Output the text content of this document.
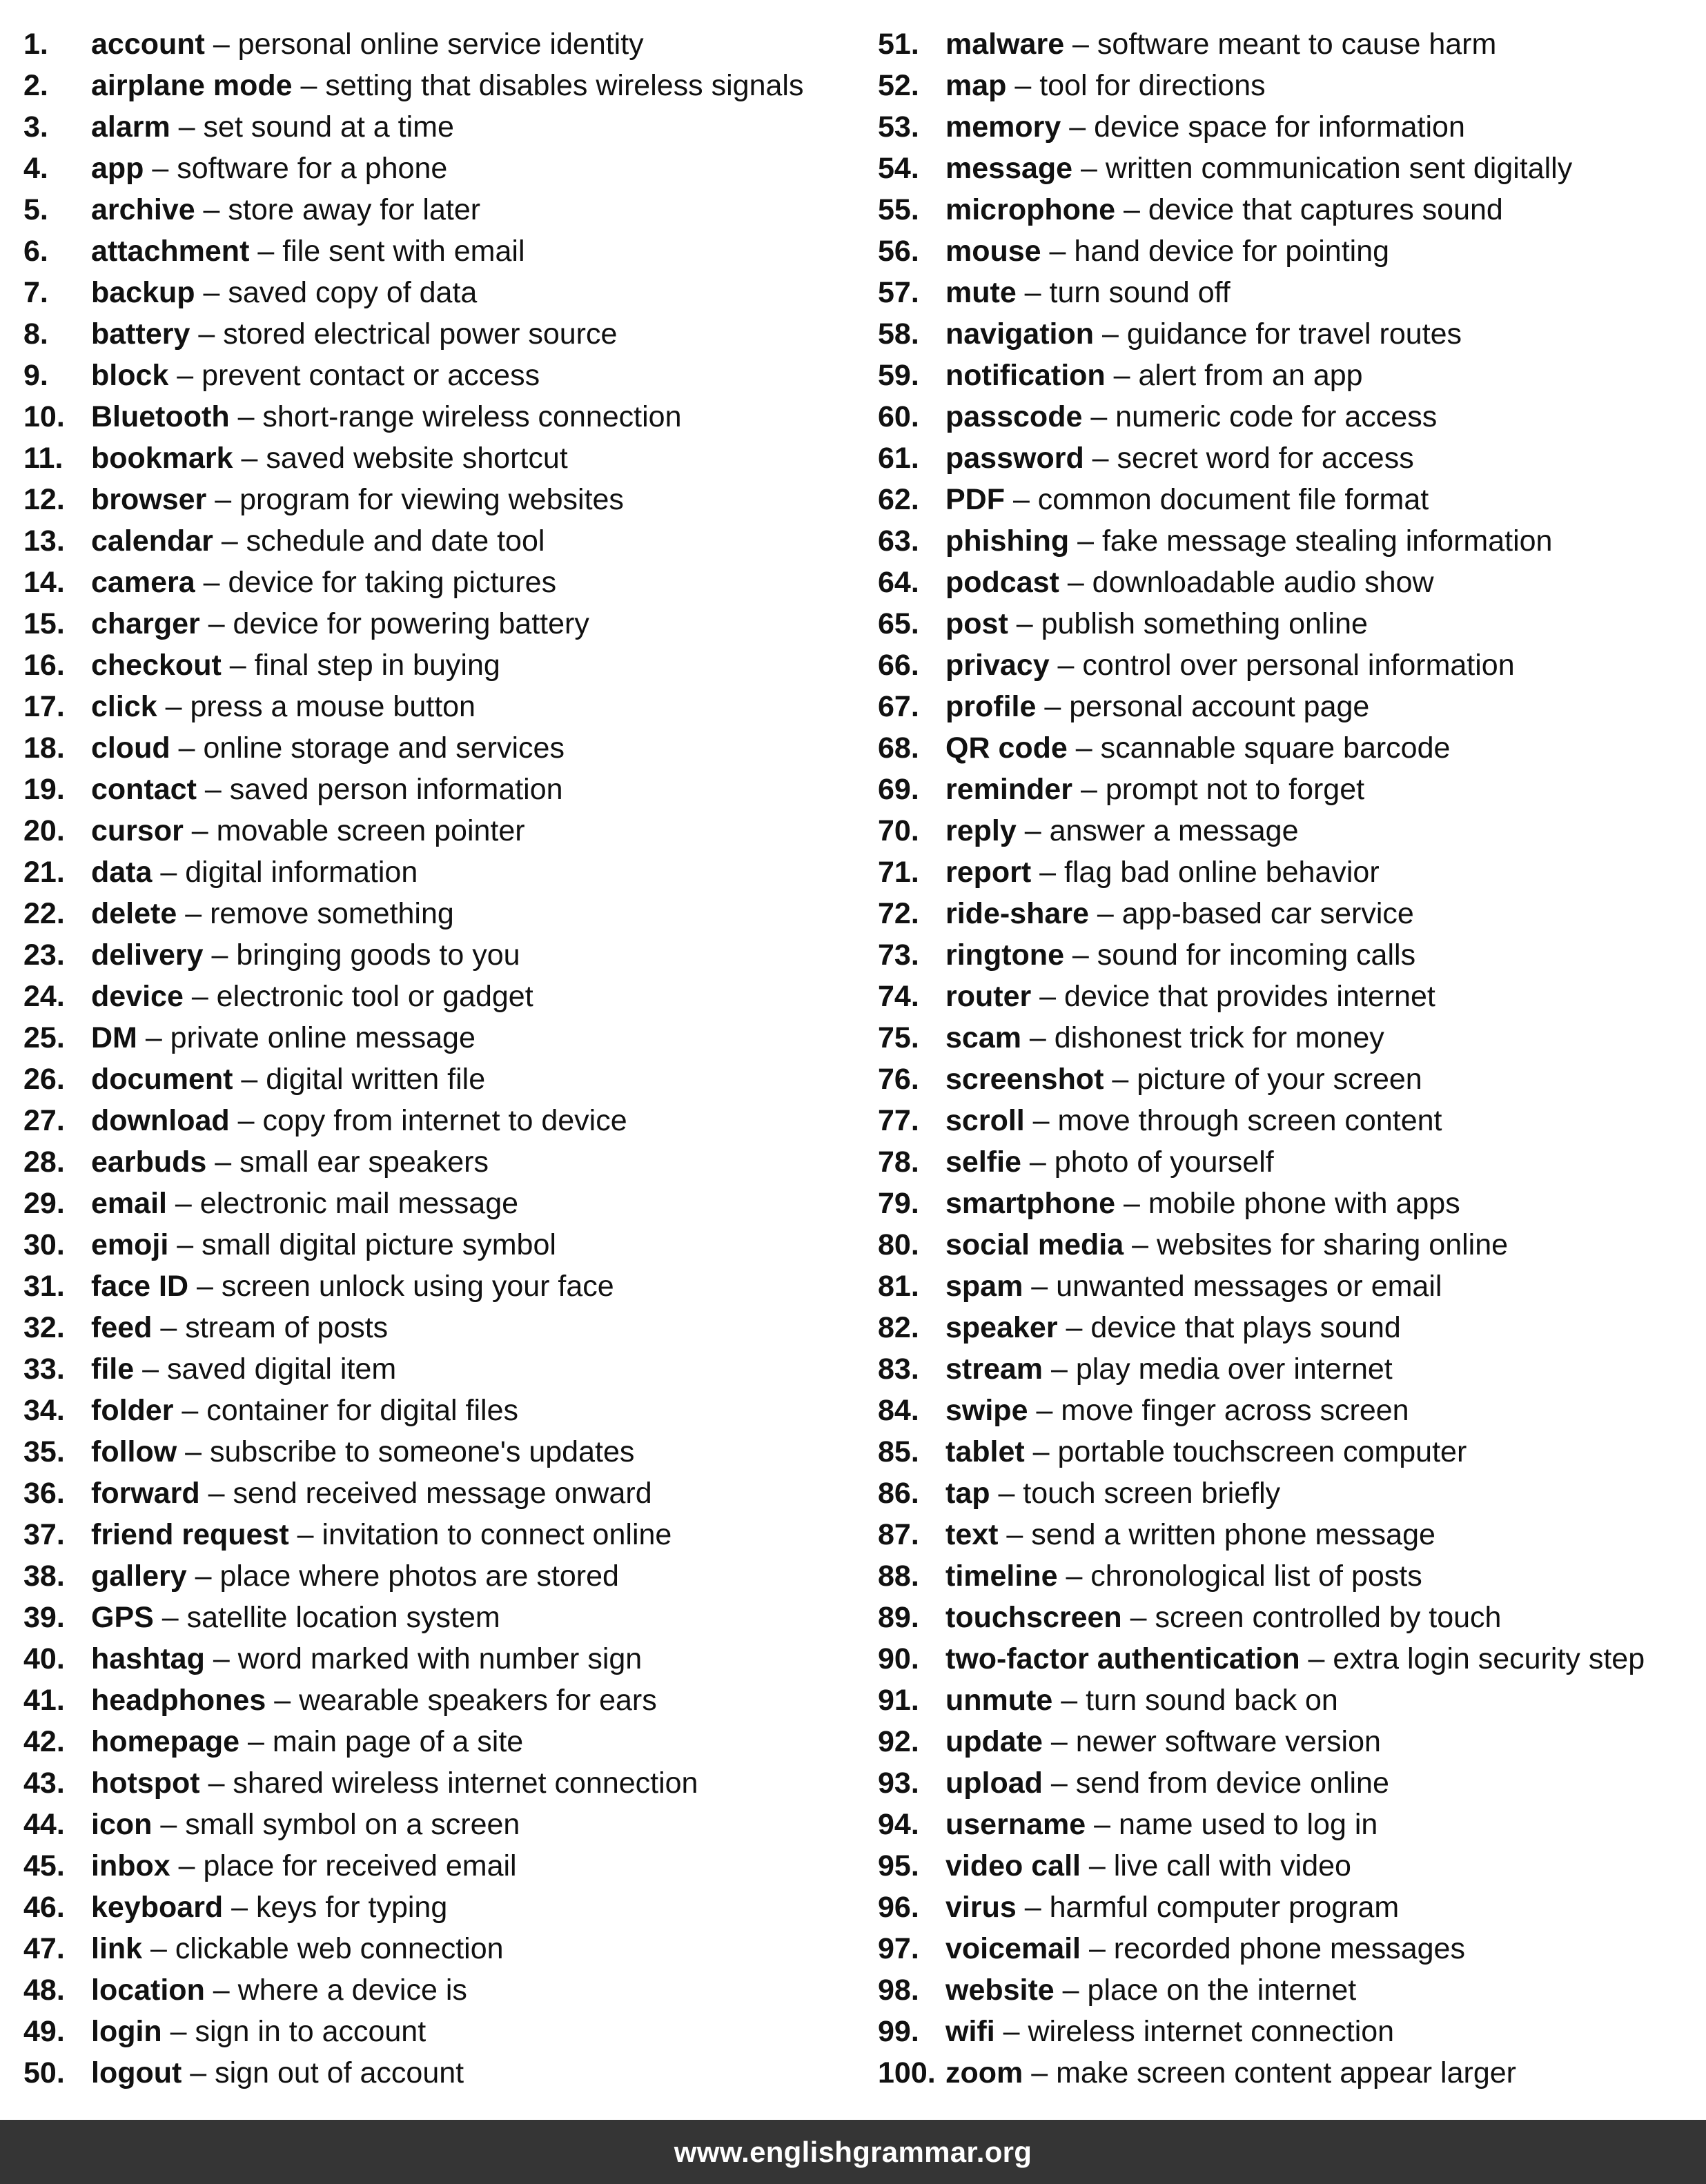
1. account – personal online service identity
2. airplane mode – setting that disables wireless signals
3. alarm – set sound at a time
4. app – software for a phone
5. archive – store away for later
6. attachment – file sent with email
7. backup – saved copy of data
8. battery – stored electrical power source
9. block – prevent contact or access
10. Bluetooth – short-range wireless connection
11. bookmark – saved website shortcut
12. browser – program for viewing websites
13. calendar – schedule and date tool
14. camera – device for taking pictures
15. charger – device for powering battery
16. checkout – final step in buying
17. click – press a mouse button
18. cloud – online storage and services
19. contact – saved person information
20. cursor – movable screen pointer
21. data – digital information
22. delete – remove something
23. delivery – bringing goods to you
24. device – electronic tool or gadget
25. DM – private online message
26. document – digital written file
27. download – copy from internet to device
28. earbuds – small ear speakers
29. email – electronic mail message
30. emoji – small digital picture symbol
31. face ID – screen unlock using your face
32. feed – stream of posts
33. file – saved digital item
34. folder – container for digital files
35. follow – subscribe to someone's updates
36. forward – send received message onward
37. friend request – invitation to connect online
38. gallery – place where photos are stored
39. GPS – satellite location system
40. hashtag – word marked with number sign
41. headphones – wearable speakers for ears
42. homepage – main page of a site
43. hotspot – shared wireless internet connection
44. icon – small symbol on a screen
45. inbox – place for received email
46. keyboard – keys for typing
47. link – clickable web connection
48. location – where a device is
49. login – sign in to account
50. logout – sign out of account
51. malware – software meant to cause harm
52. map – tool for directions
53. memory – device space for information
54. message – written communication sent digitally
55. microphone – device that captures sound
56. mouse – hand device for pointing
57. mute – turn sound off
58. navigation – guidance for travel routes
59. notification – alert from an app
60. passcode – numeric code for access
61. password – secret word for access
62. PDF – common document file format
63. phishing – fake message stealing information
64. podcast – downloadable audio show
65. post – publish something online
66. privacy – control over personal information
67. profile – personal account page
68. QR code – scannable square barcode
69. reminder – prompt not to forget
70. reply – answer a message
71. report – flag bad online behavior
72. ride-share – app-based car service
73. ringtone – sound for incoming calls
74. router – device that provides internet
75. scam – dishonest trick for money
76. screenshot – picture of your screen
77. scroll – move through screen content
78. selfie – photo of yourself
79. smartphone – mobile phone with apps
80. social media – websites for sharing online
81. spam – unwanted messages or email
82. speaker – device that plays sound
83. stream – play media over internet
84. swipe – move finger across screen
85. tablet – portable touchscreen computer
86. tap – touch screen briefly
87. text – send a written phone message
88. timeline – chronological list of posts
89. touchscreen – screen controlled by touch
90. two-factor authentication – extra login security step
91. unmute – turn sound back on
92. update – newer software version
93. upload – send from device online
94. username – name used to log in
95. video call – live call with video
96. virus – harmful computer program
97. voicemail – recorded phone messages
98. website – place on the internet
99. wifi – wireless internet connection
100. zoom – make screen content appear larger
www.englishgrammar.org
